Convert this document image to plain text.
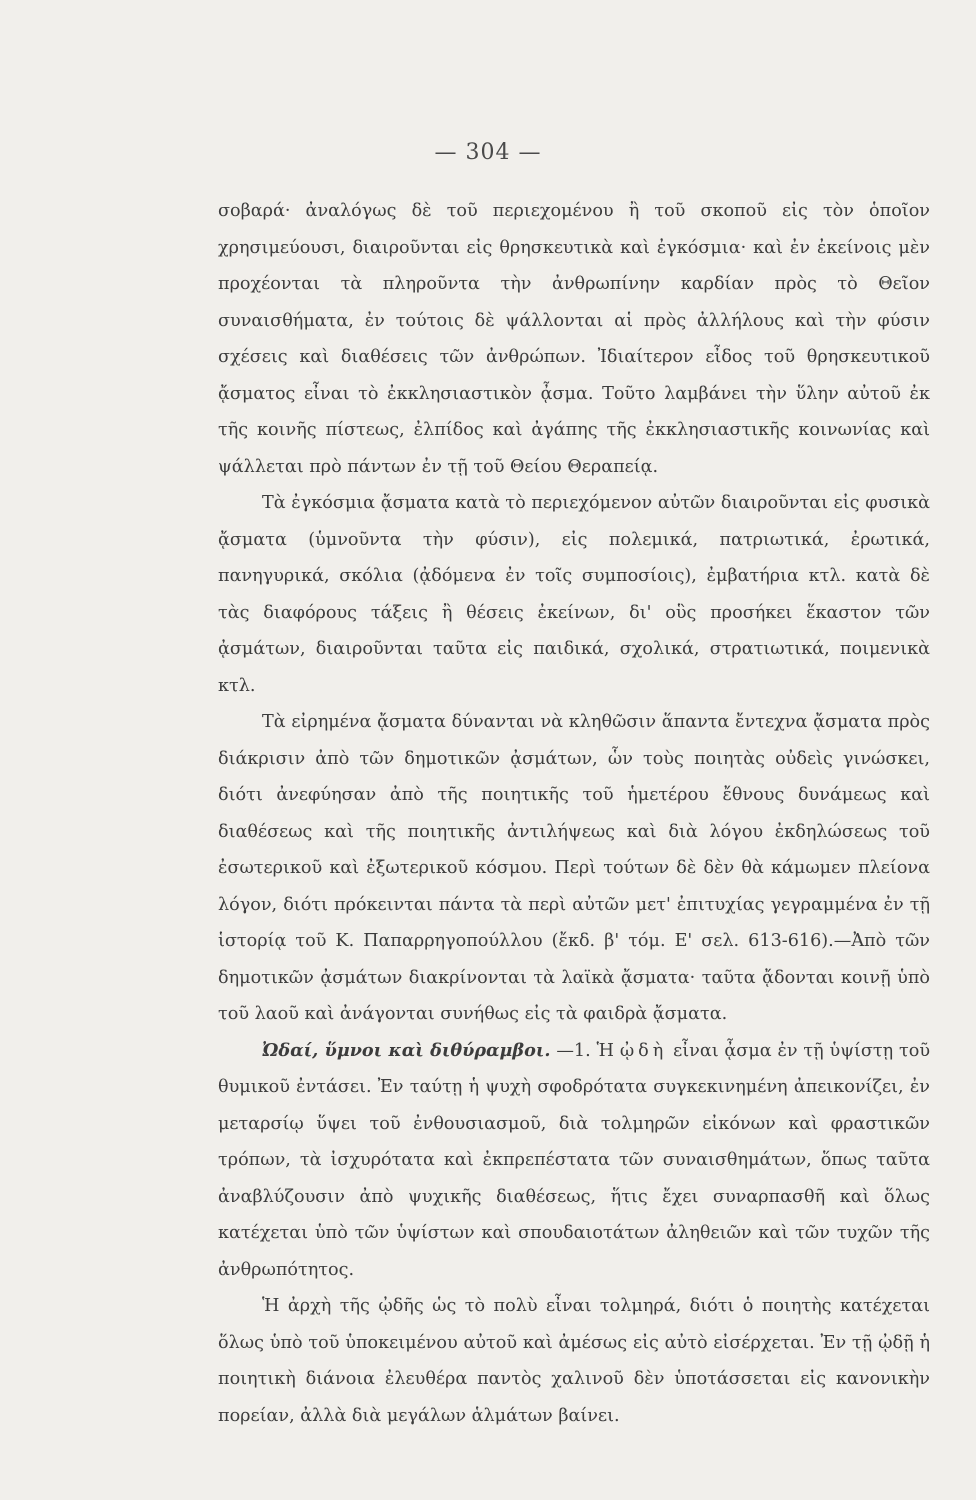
— 304 —

σοβαρά· ἀναλόγως δὲ τοῦ περιεχομένου ἢ τοῦ σκοποῦ εἰς τὸν ὁποῖον χρησιμεύουσι, διαιροῦνται εἰς θρησκευτικὰ καὶ ἐγκόσμια· καὶ ἐν ἐκείνοις μὲν προχέονται τὰ πληροῦντα τὴν ἀνθρωπίνην καρδίαν πρὸς τὸ Θεῖον συναισθήματα, ἐν τούτοις δὲ ψάλλονται αἱ πρὸς ἀλλήλους καὶ τὴν φύσιν σχέσεις καὶ διαθέσεις τῶν ἀνθρώπων. Ἰδιαίτερον εἶδος τοῦ θρησκευτικοῦ ᾄσματος εἶναι τὸ ἐκκλησιαστικὸν ᾆσμα. Τοῦτο λαμβάνει τὴν ὕλην αὐτοῦ ἐκ τῆς κοινῆς πίστεως, ἐλπίδος καὶ ἀγάπης τῆς ἐκκλησιαστικῆς κοινωνίας καὶ ψάλλεται πρὸ πάντων ἐν τῇ τοῦ Θείου Θεραπείᾳ.

Τὰ ἐγκόσμια ᾄσματα κατὰ τὸ περιεχόμενον αὐτῶν διαιροῦνται εἰς φυσικὰ ᾄσματα (ὑμνοῦντα τὴν φύσιν), εἰς πολεμικά, πατριωτικά, ἐρωτικά, πανηγυρικά, σκόλια (ᾀδόμενα ἐν τοῖς συμποσίοις), ἐμβατήρια κτλ. κατὰ δὲ τὰς διαφόρους τάξεις ἢ θέσεις ἐκείνων, δι' οὓς προσήκει ἕκαστον τῶν ᾀσμάτων, διαιροῦνται ταῦτα εἰς παιδικά, σχολικά, στρατιωτικά, ποιμενικὰ κτλ.

Τὰ εἰρημένα ᾄσματα δύνανται νὰ κληθῶσιν ἅπαντα ἔντεχνα ᾄσματα πρὸς διάκρισιν ἀπὸ τῶν δημοτικῶν ᾀσμάτων, ὧν τοὺς ποιητὰς οὐδεὶς γινώσκει, διότι ἀνεφύησαν ἀπὸ τῆς ποιητικῆς τοῦ ἡμετέρου ἔθνους δυνάμεως καὶ διαθέσεως καὶ τῆς ποιητικῆς ἀντιλήψεως καὶ διὰ λόγου ἐκδηλώσεως τοῦ ἐσωτερικοῦ καὶ ἐξωτερικοῦ κόσμου. Περὶ τούτων δὲ δὲν θὰ κάμωμεν πλείονα λόγον, διότι πρόκεινται πάντα τὰ περὶ αὐτῶν μετ' ἐπιτυχίας γεγραμμένα ἐν τῇ ἱστορίᾳ τοῦ Κ. Παπαρρηγοπούλλου (ἔκδ. β' τόμ. Ε' σελ. 613-616).—Ἀπὸ τῶν δημοτικῶν ᾀσμάτων διακρίνονται τὰ λαϊκὰ ᾄσματα· ταῦτα ᾄδονται κοινῇ ὑπὸ τοῦ λαοῦ καὶ ἀνάγονται συνήθως εἰς τὰ φαιδρὰ ᾄσματα.

Ὠδαί, ὕμνοι καὶ διθύραμβοι. —1. Ἡ ᾠδὴ εἶναι ᾆσμα ἐν τῇ ὑψίστῃ τοῦ θυμικοῦ ἐντάσει. Ἐν ταύτῃ ἡ ψυχὴ σφοδρότατα συγκεκινημένη ἀπεικονίζει, ἐν μεταρσίῳ ὕψει τοῦ ἐνθουσιασμοῦ, διὰ τολμηρῶν εἰκόνων καὶ φραστικῶν τρόπων, τὰ ἰσχυρότατα καὶ ἐκπρεπέστατα τῶν συναισθημάτων, ὅπως ταῦτα ἀναβλύζουσιν ἀπὸ ψυχικῆς διαθέσεως, ἥτις ἔχει συναρπασθῆ καὶ ὅλως κατέχεται ὑπὸ τῶν ὑψίστων καὶ σπουδαιοτάτων ἀληθειῶν καὶ τῶν τυχῶν τῆς ἀνθρωπότητος.

Ἡ ἀρχὴ τῆς ᾠδῆς ὡς τὸ πολὺ εἶναι τολμηρά, διότι ὁ ποιητὴς κατέχεται ὅλως ὑπὸ τοῦ ὑποκειμένου αὐτοῦ καὶ ἀμέσως εἰς αὐτὸ εἰσέρχεται. Ἐν τῇ ᾠδῇ ἡ ποιητικὴ διάνοια ἐλευθέρα παντὸς χαλινοῦ δὲν ὑποτάσσεται εἰς κανονικὴν πορείαν, ἀλλὰ διὰ μεγάλων ἁλμάτων βαίνει.
